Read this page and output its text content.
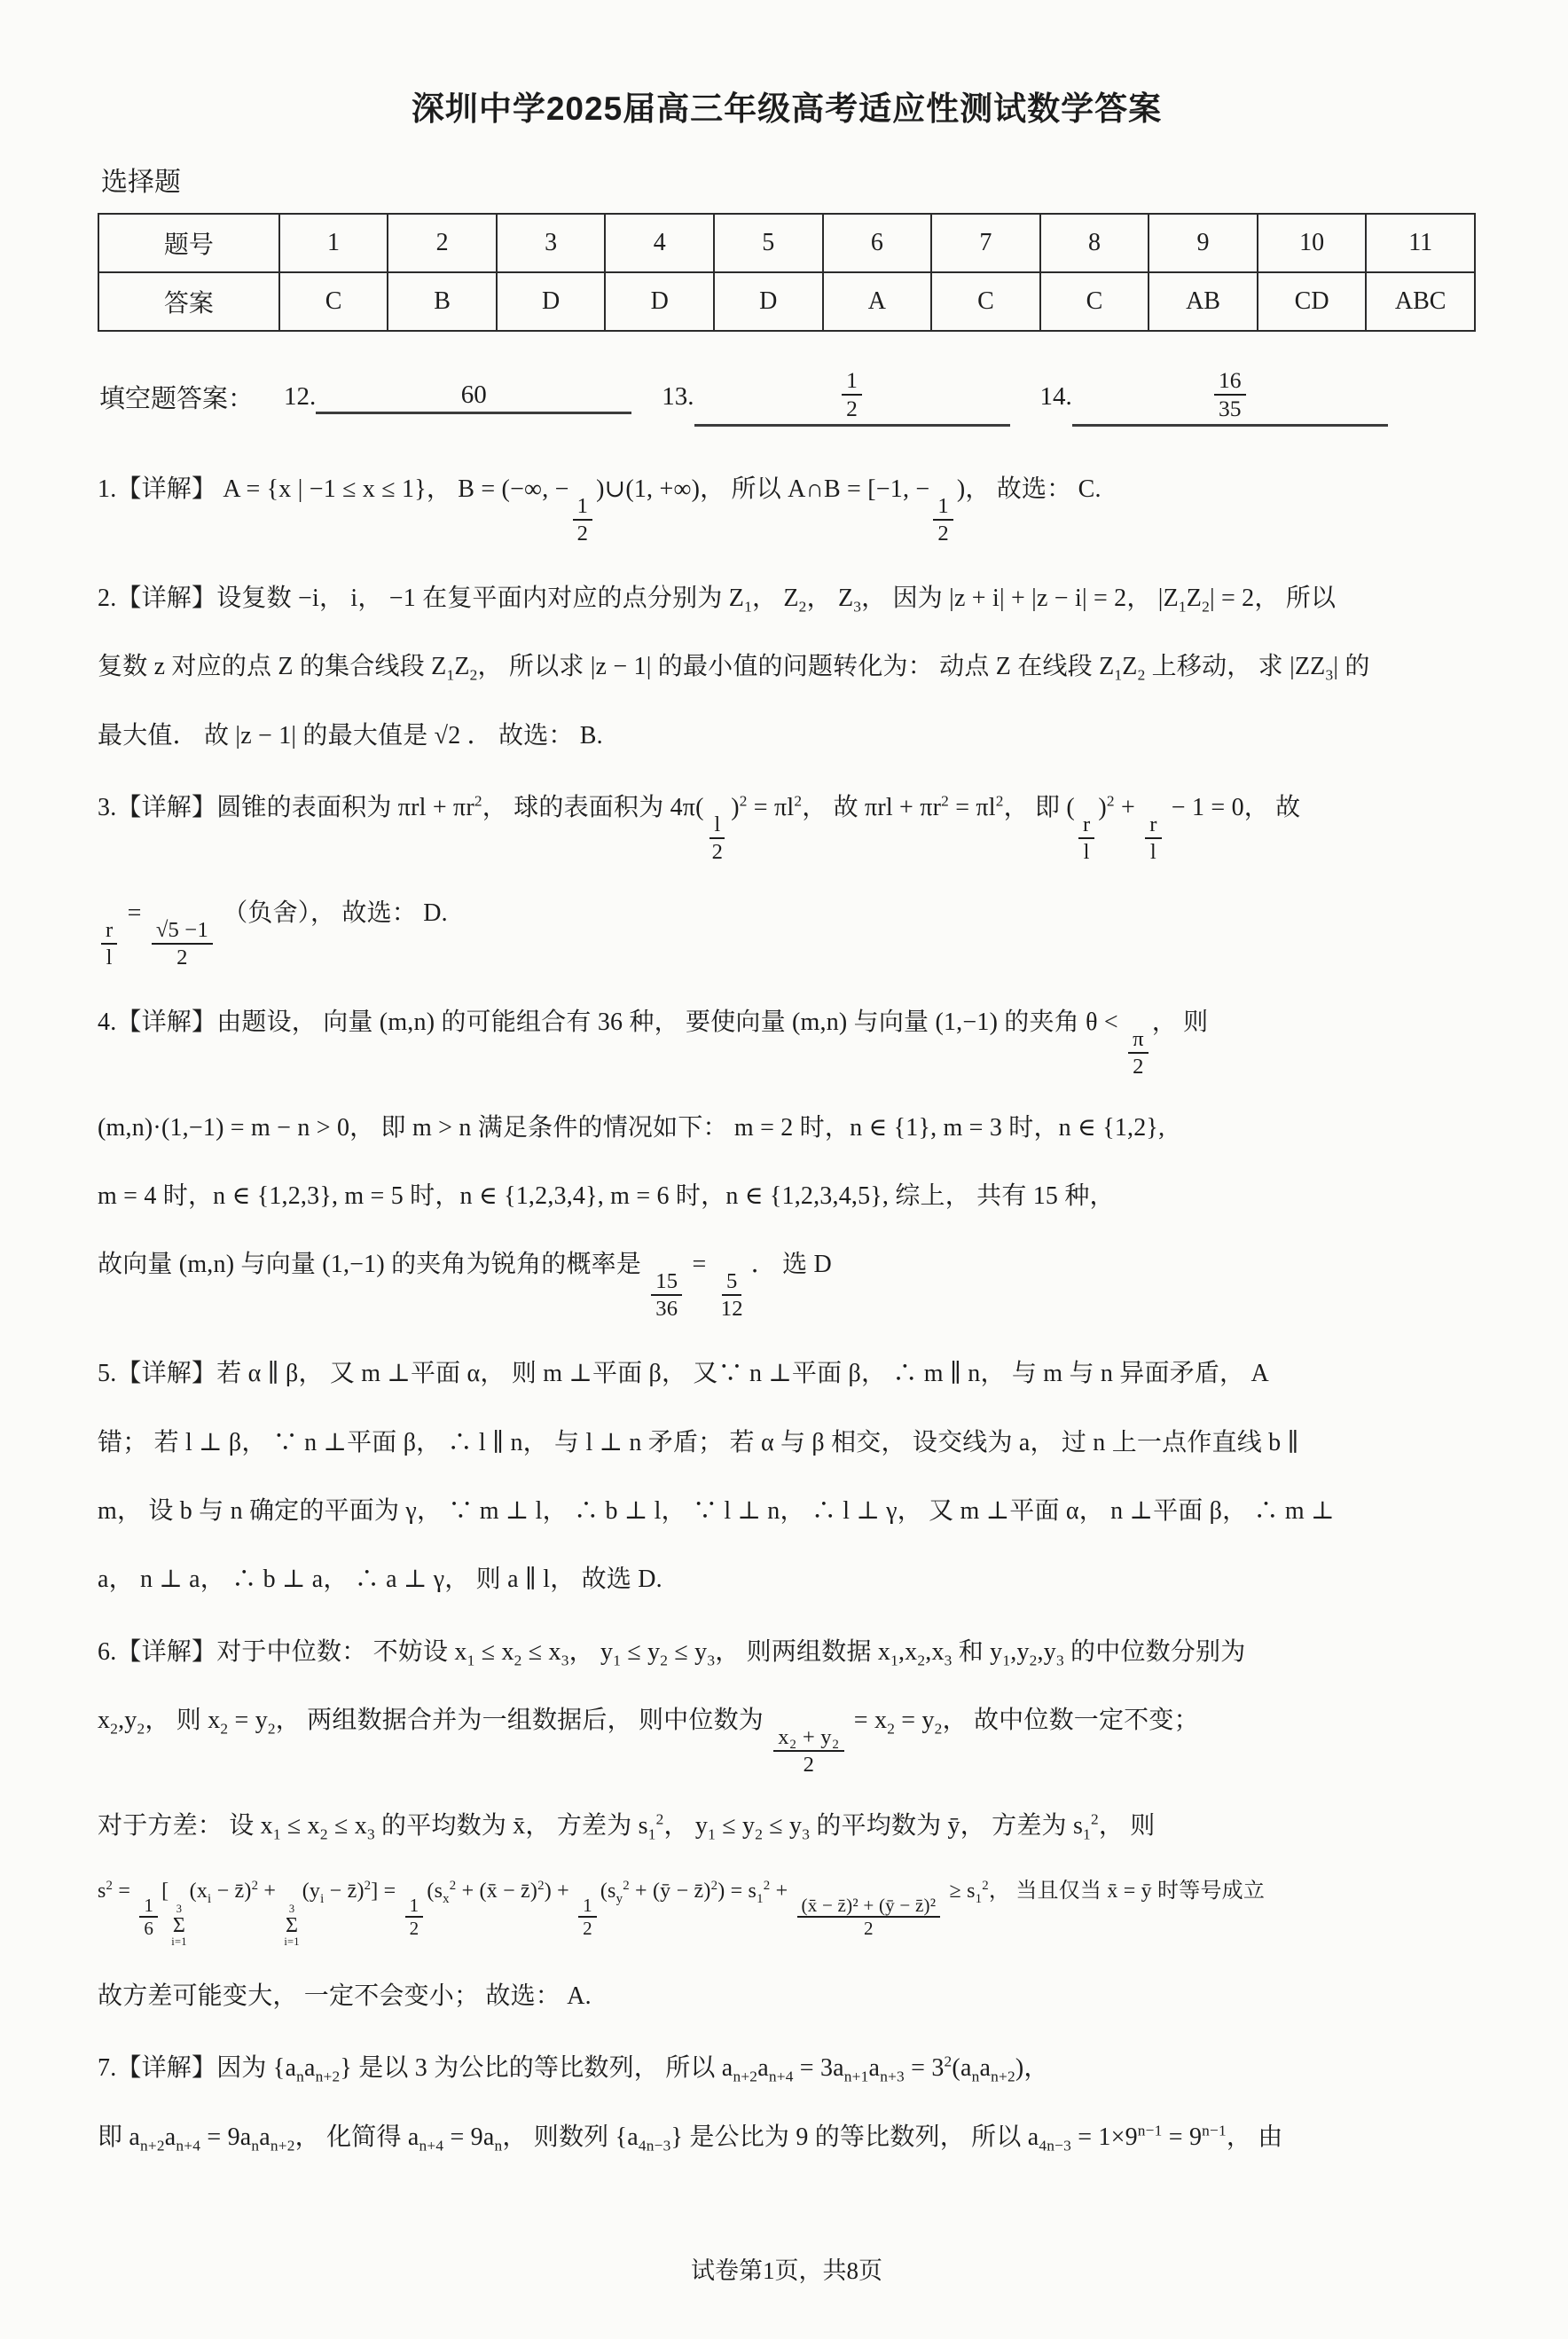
深圳中学2025届高三年级高考适应性测试数学答案
选择题
题号	1	2	3	4	5	6	7	8	9	10	11
答案	C	B	D	D	D	A	C	C	AB	CD	ABC
填空题答案： 12.	60	13.	$\frac{1}{2}$	14.	$\frac{16}{35}$
1.【详解】 A = {x | −1 ≤ x ≤ 1}， B = (−∞, −
$\frac{1}{2}$
)∪(1, +∞)， 所以 A∩B = [−1, −
$\frac{1}{2}$
)， 故选： C.
2.【详解】设复数 −i， i， −1 在复平面内对应的点分别为 $Z_1$， $Z_2$， $Z_3$， 因为 |z + i| + |z − i| = 2， $|Z_1Z_2| = 2$， 所以
复数 z 对应的点 Z 的集合线段 $Z_1Z_2$， 所以求 |z − 1| 的最小值的问题转化为： 动点 Z 在线段 $Z_1Z_2$ 上移动， 求 $|ZZ_3|$ 的
最大值． 故 |z − 1| 的最大值是 √2 ． 故选： B.
3.【详解】圆锥的表面积为 $\pi rl + \pi r^2$， 球的表面积为 4π(
$\frac{l}{2}$
)$^2 = \pi l^2$， 故 $\pi rl + \pi r^2 = \pi l^2$， 即 (
$\frac{r}{l}$
)$^2$ +
$\frac{r}{l}$
− 1 = 0， 故
$\frac{r}{l}$
=
$\frac{√5 -1}{2}$
（负舍）， 故选： D.
4.【详解】由题设， 向量 (m,n) 的可能组合有 36 种， 要使向量 (m,n) 与向量 (1,−1) 的夹角 θ <
$\frac{\pi}{2}$
， 则
(m,n)·(1,−1) = m − n > 0， 即 m > n 满足条件的情况如下： m = 2 时，n ∈ {1}, m = 3 时，n ∈ {1,2},
m = 4 时，n ∈ {1,2,3}, m = 5 时，n ∈ {1,2,3,4}, m = 6 时，n ∈ {1,2,3,4,5}, 综上， 共有 15 种，
故向量 (m,n) 与向量 (1,−1) 的夹角为锐角的概率是
$\frac{15}{36}$
=
$\frac{5}{12}$
． 选 D
5.【详解】若 α ∥ β， 又 m ⊥平面 α， 则 m ⊥平面 β， 又∵ n ⊥平面 β， ∴ m ∥ n， 与 m 与 n 异面矛盾， A
错； 若 l ⊥ β， ∵ n ⊥平面 β， ∴ l ∥ n， 与 l ⊥ n 矛盾； 若 α 与 β 相交， 设交线为 a， 过 n 上一点作直线 b ∥
m， 设 b 与 n 确定的平面为 γ， ∵ m ⊥ l， ∴ b ⊥ l， ∵ l ⊥ n， ∴ l ⊥ γ， 又 m ⊥平面 α， n ⊥平面 β， ∴ m ⊥
a， n ⊥ a， ∴ b ⊥ a， ∴ a ⊥ γ， 则 a ∥ l， 故选 D.
6.【详解】对于中位数： 不妨设 $x_1 \le x_2 \le x_3$， $y_1 \le y_2 \le y_3$， 则两组数据 $x_1,x_2,x_3$ 和 $y_1,y_2,y_3$ 的中位数分别为
$x_2,y_2$， 则 $x_2 = y_2$， 两组数据合并为一组数据后， 则中位数为
$\frac{\text{x₂ + y₂}}{2}$
= $x_2 = y_2$， 故中位数一定不变；
对于方差： 设 $x_1 \le x_2 \le x_3$ 的平均数为 x̄， 方差为 $s_1^2$， $y_1 \le y_2 \le y_3$ 的平均数为 ȳ， 方差为 $s_1^2$， 则
$s^2$ =
$\frac{1}{6}$
[
3
Σ
i=1
($x_i$ − z̄)$^2$ +
3
Σ
i=1
($y_i$ − z̄)$^2$] =
$\frac{1}{2}$
($s_x^2$ + (x̄ − z̄)$^2$) +
$\frac{1}{2}$
($s_y^2$ + (ȳ − z̄)$^2$) = $s_1^2$ +
$\frac{\text{(x̄ − z̄)² + (ȳ − z̄)²}}{2}$
≥ $s_1^2$， 当且仅当 x̄ = ȳ 时等号成立
故方差可能变大， 一定不会变小； 故选： A.
7.【详解】因为 $\{a_na_{n+2}\}$ 是以 3 为公比的等比数列， 所以 $a_{n+2}a_{n+4} = 3a_{n+1}a_{n+3} = 3^2(a_na_{n+2})$，
即 $a_{n+2}a_{n+4} = 9a_na_{n+2}$， 化简得 $a_{n+4} = 9a_n$， 则数列 $\{a_{4n-3}\}$ 是公比为 9 的等比数列， 所以 $a_{4n-3} = 1\times 9^{n-1} = 9^{n-1}$， 由
试卷第1页，共8页
